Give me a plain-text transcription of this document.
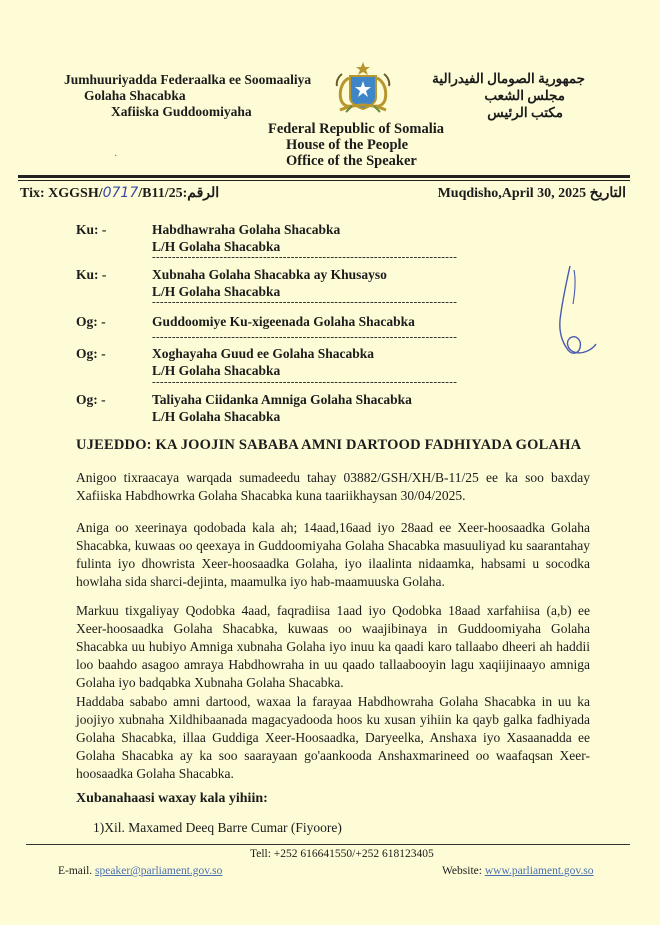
Jumhuuriyadda Federaalka ee Soomaaliya
Golaha Shacabka
Xafiiska Guddoomiyaha
جمهورية الصومال الفيدرالية
مجلس الشعب
مكتب الرئيس
Federal Republic of Somalia
House of the People
Office of the Speaker
·
Tix: XGGSH/0717/B11/25:الرقم	Muqdisho,April 30, 2025 التاريخ
Ku: -	Habdhawraha Golaha Shacabka
L/H Golaha Shacabka
-----------------------------------------------------------------------------
Ku: -	Xubnaha Golaha Shacabka ay Khusayso
L/H Golaha Shacabka
-----------------------------------------------------------------------------
Og: -	Guddoomiye Ku-xigeenada Golaha Shacabka
-----------------------------------------------------------------------------
Og: -	Xoghayaha Guud ee Golaha Shacabka
L/H Golaha Shacabka
-----------------------------------------------------------------------------
Og: -	Taliyaha Ciidanka Amniga Golaha Shacabka
L/H Golaha Shacabka
UJEEDDO: KA JOOJIN SABABA AMNI DARTOOD FADHIYADA GOLAHA
Anigoo tixraacaya warqada sumadeedu tahay 03882/GSH/XH/B-11/25 ee ka soo baxday Xafiiska Habdhowrka Golaha Shacabka kuna taariikhaysan 30/04/2025.
Aniga oo xeerinaya qodobada kala ah; 14aad,16aad iyo 28aad ee Xeer-hoosaadka Golaha Shacabka, kuwaas oo qeexaya in Guddoomiyaha Golaha Shacabka masuuliyad ku saarantahay fulinta iyo dhowrista Xeer-hoosaadka Golaha, iyo ilaalinta nidaamka, habsami u socodka howlaha sida sharci-dejinta, maamulka iyo hab-maamuuska Golaha.
Markuu tixgaliyay Qodobka 4aad, faqradiisa 1aad iyo Qodobka 18aad xarfahiisa (a,b) ee Xeer-hoosaadka Golaha Shacabka, kuwaas oo waajibinaya in Guddoomiyaha Golaha Shacabka uu hubiyo Amniga xubnaha Golaha iyo inuu ka qaadi karo tallaabo dheeri ah haddii loo baahdo asagoo amraya Habdhowraha in uu qaado tallaabooyin lagu xaqiijinaayo amniga Golaha iyo badqabka Xubnaha Golaha Shacabka.
Haddaba sababo amni dartood, waxaa la farayaa Habdhowraha Golaha Shacabka in uu ka joojiyo xubnaha Xildhibaanada magacyadooda hoos ku xusan yihiin ka qayb galka fadhiyada Golaha Shacabka, illaa Guddiga Xeer-Hoosaadka, Daryeelka, Anshaxa iyo Xasaanadda ee Golaha Shacabka ay ka soo saarayaan go'aankooda Anshaxmarineed oo waafaqsan Xeer-hoosaadka Golaha Shacabka.
Xubanahaasi waxay kala yihiin:
1)Xil. Maxamed Deeq Barre Cumar (Fiyoore)
Tell: +252 616641550/+252 618123405
E-mail. speaker@parliament.gov.so	Website: www.parliament.gov.so
